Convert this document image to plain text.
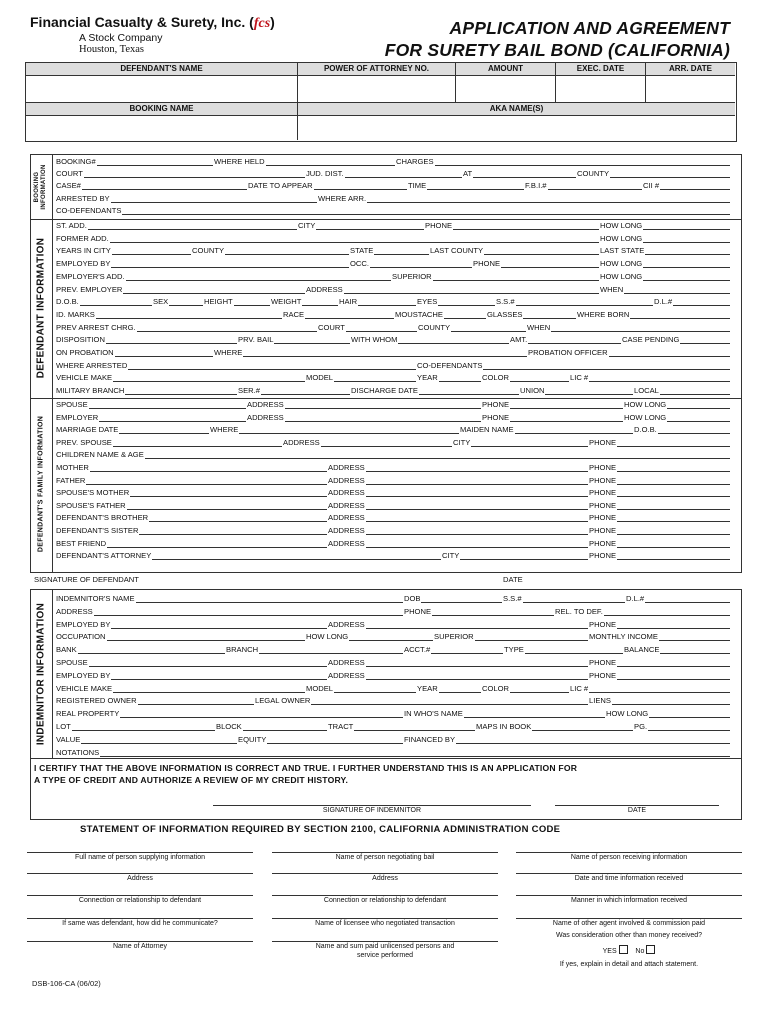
Financial Casualty & Surety, Inc. (fcs)
A Stock Company
Houston, Texas
APPLICATION AND AGREEMENT
FOR SURETY BAIL BOND (CALIFORNIA)
DEFENDANT'S NAME	POWER OF ATTORNEY NO.	AMOUNT	EXEC. DATE	ARR. DATE
BOOKING NAME	AKA NAME(S)
BOOKING
INFORMATION
DEFENDANT INFORMATION
DEFENDANT'S FAMILY INFORMATION
INDEMNITOR INFORMATION
BOOKING#	WHERE HELD	CHARGES
COURT	JUD. DIST.	AT	COUNTY
CASE#	DATE TO APPEAR	TIME	F.B.I.#	CII #
ARRESTED BY	WHERE ARR.
CO-DEFENDANTS
ST. ADD.	CITY	PHONE	HOW LONG
FORMER ADD.	HOW LONG
YEARS IN CITY	COUNTY	STATE	LAST COUNTY	LAST STATE
EMPLOYED BY	OCC.	PHONE	HOW LONG
EMPLOYER'S ADD.	SUPERIOR	HOW LONG
PREV. EMPLOYER	ADDRESS	WHEN
D.O.B.	SEX	HEIGHT	WEIGHT	HAIR	EYES	S.S.#	D.L.#
ID. MARKS	RACE	MOUSTACHE	GLASSES	WHERE BORN
PREV ARREST CHRG.	COURT	COUNTY	WHEN
DISPOSITION	PRV. BAIL	WITH WHOM	AMT.	CASE PENDING
ON PROBATION	WHERE	PROBATION OFFICER
WHERE ARRESTED	CO-DEFENDANTS
VEHICLE MAKE	MODEL	YEAR	COLOR	LIC #
MILITARY BRANCH	SER.#	DISCHARGE DATE	UNION	LOCAL
SPOUSE	ADDRESS	PHONE	HOW LONG
EMPLOYER	ADDRESS	PHONE	HOW LONG
MARRIAGE DATE	WHERE	MAIDEN NAME	D.O.B.
PREV. SPOUSE	ADDRESS	CITY	PHONE
CHILDREN NAME & AGE
MOTHER	ADDRESS	PHONE
FATHER	ADDRESS	PHONE
SPOUSE'S MOTHER	ADDRESS	PHONE
SPOUSE'S FATHER	ADDRESS	PHONE
DEFENDANT'S BROTHER	ADDRESS	PHONE
DEFENDANT'S SISTER	ADDRESS	PHONE
BEST FRIEND	ADDRESS	PHONE
DEFENDANT'S ATTORNEY	CITY	PHONE
INDEMNITOR'S NAME	DOB	S.S.#	D.L.#
ADDRESS	PHONE	REL. TO DEF.
EMPLOYED BY	ADDRESS	PHONE
OCCUPATION	HOW LONG	SUPERIOR	MONTHLY INCOME
BANK	BRANCH	ACCT.#	TYPE	BALANCE
SPOUSE	ADDRESS	PHONE
EMPLOYED BY	ADDRESS	PHONE
VEHICLE MAKE	MODEL	YEAR	COLOR	LIC #
REGISTERED OWNER	LEGAL OWNER	LIENS
REAL PROPERTY	IN WHO'S NAME	HOW LONG
LOT	BLOCK	TRACT	MAPS IN BOOK	PG.
VALUE	EQUITY	FINANCED BY
NOTATIONS
SIGNATURE OF DEFENDANT	DATE
I CERTIFY THAT THE ABOVE INFORMATION IS CORRECT AND TRUE. I FURTHER UNDERSTAND THIS IS AN APPLICATION FOR
A TYPE OF CREDIT AND AUTHORIZE A REVIEW OF MY CREDIT HISTORY.
SIGNATURE OF INDEMNITOR	DATE
STATEMENT OF INFORMATION REQUIRED BY SECTION 2100, CALIFORNIA ADMINISTRATION CODE
Full name of person supplying information
Address
Connection or relationship to defendant
If same was defendant, how did he communicate?
Name of Attorney
Name of person negotiating bail
Address
Connection or relationship to defendant
Name of licensee who negotiated transaction
Name and sum paid unlicensed persons and
service performed
Name of person receiving information
Date and time information received
Manner in which information received
Name of other agent involved & commission paid
Was consideration other than money received?
YES	No
If yes, explain in detail and attach statement.
DSB-106-CA (06/02)
